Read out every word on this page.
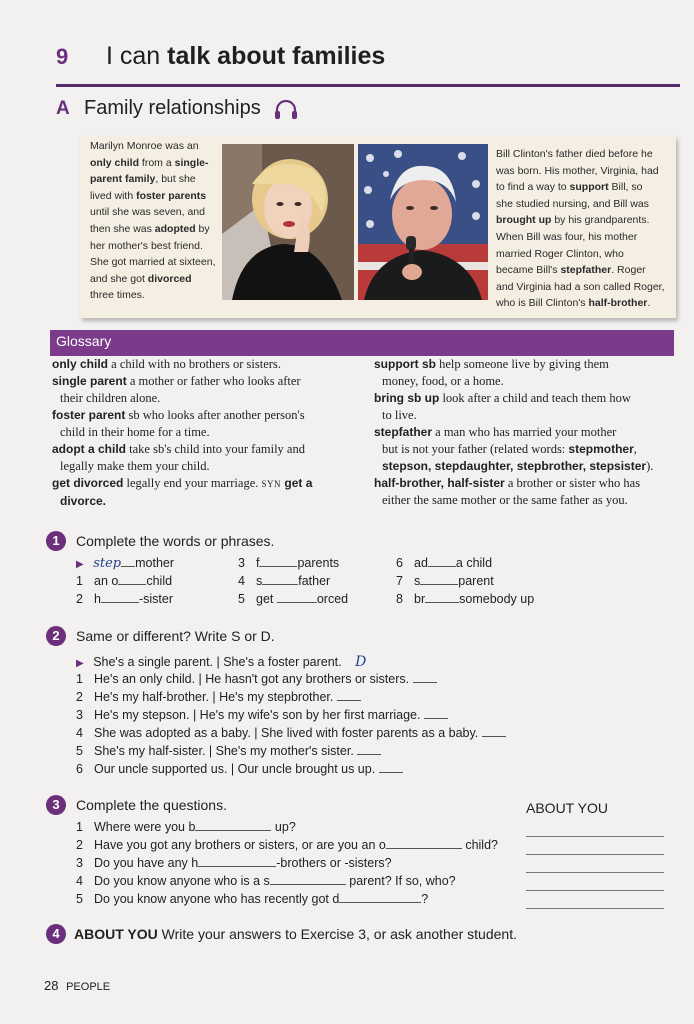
9 I can talk about families
A Family relationships
Marilyn Monroe was an
only child from a single-
parent family, but she
lived with foster parents
until she was seven, and
then she was adopted by
her mother's best friend.
She got married at sixteen,
and she got divorced
three times.
Bill Clinton's father died before he
was born. His mother, Virginia, had
to find a way to support Bill, so
she studied nursing, and Bill was
brought up by his grandparents.
When Bill was four, his mother
married Roger Clinton, who
became Bill's stepfather. Roger
and Virginia had a son called Roger,
who is Bill Clinton's half-brother.
Glossary
only child a child with no brothers or sisters.
single parent a mother or father who looks after
their children alone.
foster parent sb who looks after another person's
child in their home for a time.
adopt a child take sb's child into your family and
legally make them your child.
get divorced legally end your marriage. SYN get a
divorce.
support sb help someone live by giving them
money, food, or a home.
bring sb up look after a child and teach them how
to live.
stepfather a man who has married your mother
but is not your father (related words: stepmother,
stepson, stepdaughter, stepbrother, stepsister).
half-brother, half-sister a brother or sister who has
either the same mother or the same father as you.
1	Complete the words or phrases.
▶ step mother
1 an o child
2 h	-sister
3 f	parents
4 s	father
5 get	orced
6 ad a child
7 s	parent
8 br	somebody up
2	Same or different? Write S or D.
▶ She's a single parent. | She's a foster parent. D
1 He's an only child. | He hasn't got any brothers or sisters.
2 He's my half-brother. | He's my stepbrother.
3 He's my stepson. | He's my wife's son by her first marriage.
4 She was adopted as a baby. | She lived with foster parents as a baby.
5 She's my half-sister. | She's my mother's sister.
6 Our uncle supported us. | Our uncle brought us up.
3	Complete the questions.	ABOUT YOU
1 Where were you b	up?
2 Have you got any brothers or sisters, or are you an o	child?
3 Do you have any h	-brothers or -sisters?
4 Do you know anyone who is a s	parent? If so, who?
5 Do you know anyone who has recently got d	?
4	ABOUT YOU Write your answers to Exercise 3, or ask another student.
28 PEOPLE
